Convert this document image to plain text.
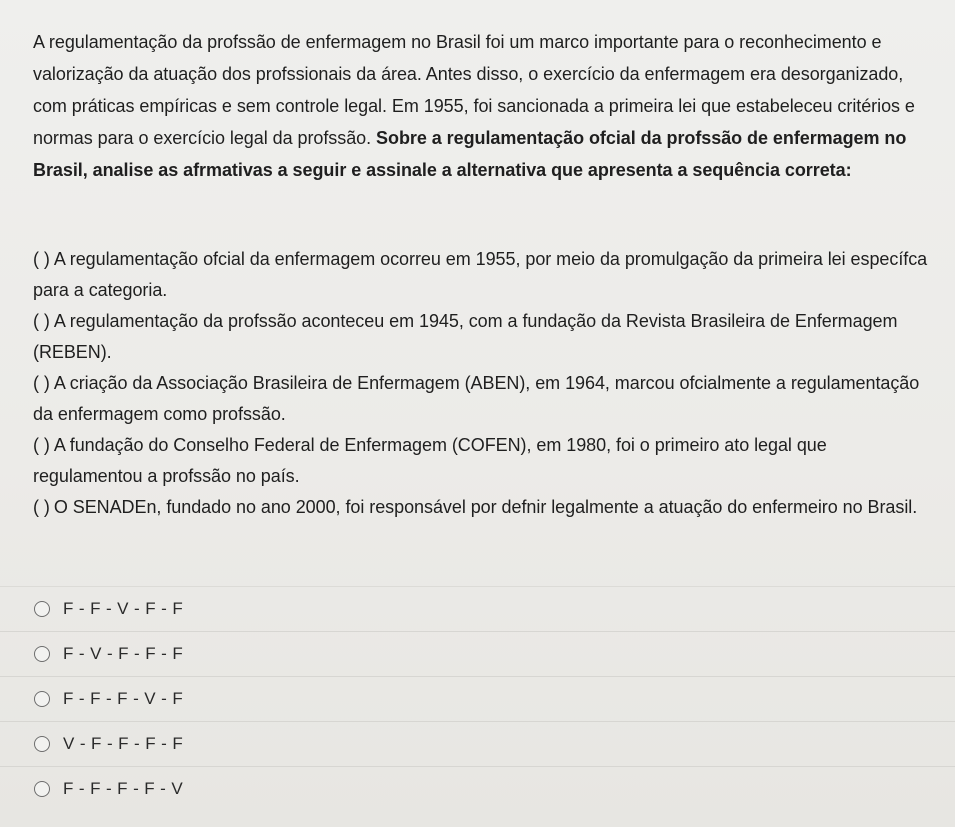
A regulamentação da profssão de enfermagem no Brasil foi um marco importante para o reconhecimento e valorização da atuação dos profssionais da área. Antes disso, o exercício da enfermagem era desorganizado, com práticas empíricas e sem controle legal. Em 1955, foi sancionada a primeira lei que estabeleceu critérios e normas para o exercício legal da profssão. Sobre a regulamentação ofcial da profssão de enfermagem no Brasil, analise as afrmativas a seguir e assinale a alternativa que apresenta a sequência correta:

( ) A regulamentação ofcial da enfermagem ocorreu em 1955, por meio da promulgação da primeira lei específca para a categoria.

( ) A regulamentação da profssão aconteceu em 1945, com a fundação da Revista Brasileira de Enfermagem (REBEN).

( ) A criação da Associação Brasileira de Enfermagem (ABEN), em 1964, marcou ofcialmente a regulamentação da enfermagem como profssão.

( ) A fundação do Conselho Federal de Enfermagem (COFEN), em 1980, foi o primeiro ato legal que regulamentou a profssão no país.

( ) O SENADEn, fundado no ano 2000, foi responsável por defnir legalmente a atuação do enfermeiro no Brasil.

F - F - V - F - F
F - V - F - F - F
F - F - F - V - F
V - F - F - F - F
F - F - F - F - V
